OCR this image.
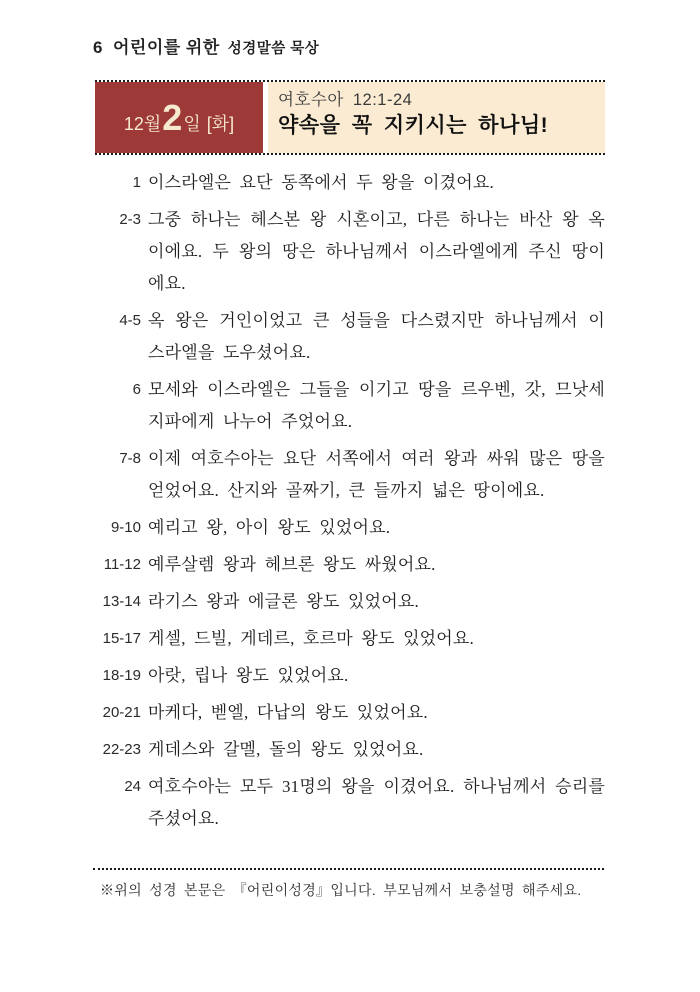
6 어린이를 위한 성경말씀 묵상
12월 2 일 [화]
여호수아 12:1-24
약속을 꼭 지키시는 하나님!
1 이스라엘은 요단 동쪽에서 두 왕을 이겼어요.
2-3 그중 하나는 헤스본 왕 시혼이고, 다른 하나는 바산 왕 옥이에요. 두 왕의 땅은 하나님께서 이스라엘에게 주신 땅이에요.
4-5 옥 왕은 거인이었고 큰 성들을 다스렸지만 하나님께서 이스라엘을 도우셨어요.
6 모세와 이스라엘은 그들을 이기고 땅을 르우벤, 갓, 므낫세 지파에게 나누어 주었어요.
7-8 이제 여호수아는 요단 서쪽에서 여러 왕과 싸워 많은 땅을 얻었어요. 산지와 골짜기, 큰 들까지 넓은 땅이에요.
9-10 예리고 왕, 아이 왕도 있었어요.
11-12 예루살렘 왕과 헤브론 왕도 싸웠어요.
13-14 라기스 왕과 에글론 왕도 있었어요.
15-17 게셀, 드빌, 게데르, 호르마 왕도 있었어요.
18-19 아랏, 립나 왕도 있었어요.
20-21 마케다, 벧엘, 다납의 왕도 있었어요.
22-23 게데스와 갈멜, 돌의 왕도 있었어요.
24 여호수아는 모두 31명의 왕을 이겼어요. 하나님께서 승리를 주셨어요.
※위의 성경 본문은 『어린이성경』입니다. 부모님께서 보충설명 해주세요.
